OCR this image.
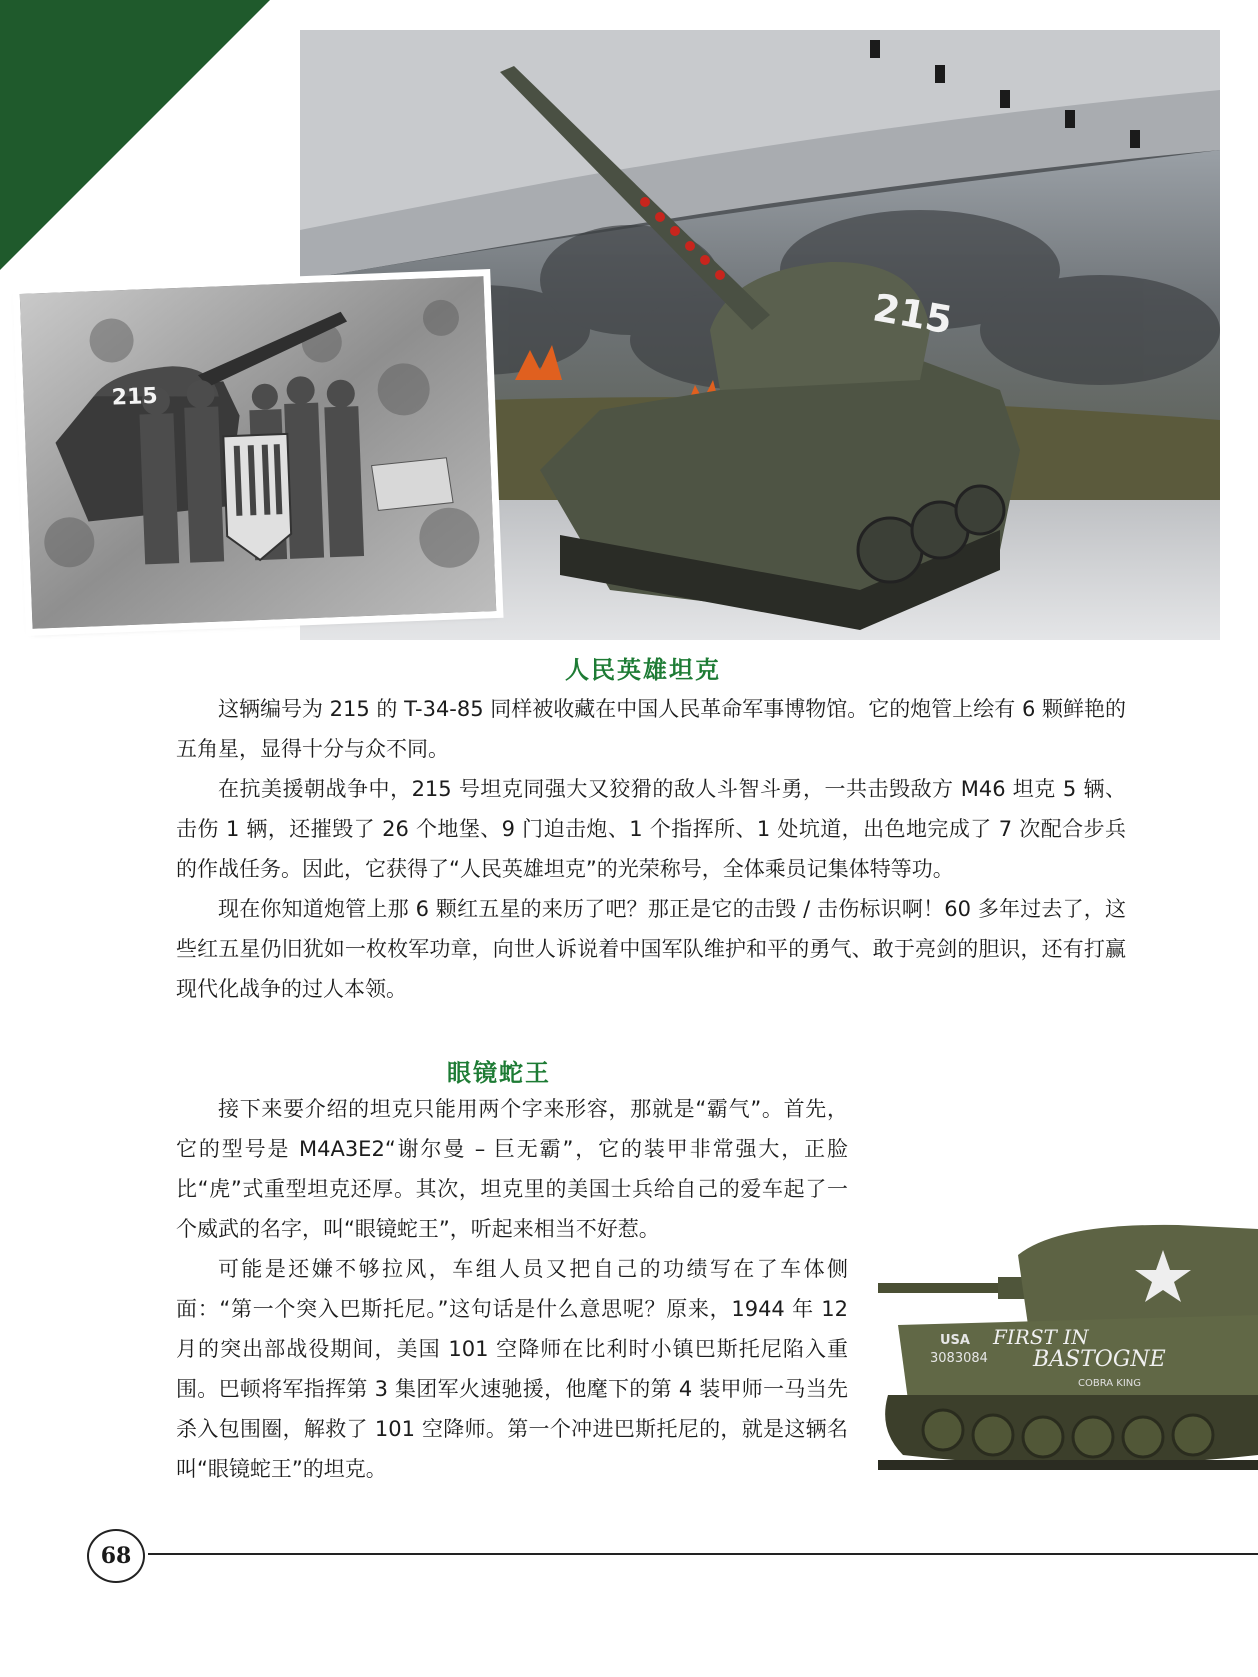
215
215
人民英雄坦克

这辆编号为 215 的 T-34-85 同样被收藏在中国人民革命军事博物馆。它的炮管上绘有 6 颗鲜艳的五角星，显得十分与众不同。

在抗美援朝战争中，215 号坦克同强大又狡猾的敌人斗智斗勇，一共击毁敌方 M46 坦克 5 辆、击伤 1 辆，还摧毁了 26 个地堡、9 门迫击炮、1 个指挥所、1 处坑道，出色地完成了 7 次配合步兵的作战任务。因此，它获得了“人民英雄坦克”的光荣称号，全体乘员记集体特等功。

现在你知道炮管上那 6 颗红五星的来历了吧？那正是它的击毁 / 击伤标识啊！60 多年过去了，这些红五星仍旧犹如一枚枚军功章，向世人诉说着中国军队维护和平的勇气、敢于亮剑的胆识，还有打赢现代化战争的过人本领。

眼镜蛇王

接下来要介绍的坦克只能用两个字来形容，那就是“霸气”。首先，它的型号是 M4A3E2“谢尔曼 – 巨无霸”，它的装甲非常强大，正脸比“虎”式重型坦克还厚。其次，坦克里的美国士兵给自己的爱车起了一个威武的名字，叫“眼镜蛇王”，听起来相当不好惹。

可能是还嫌不够拉风，车组人员又把自己的功绩写在了车体侧面：“第一个突入巴斯托尼。”这句话是什么意思呢？原来，1944 年 12 月的突出部战役期间，美国 101 空降师在比利时小镇巴斯托尼陷入重围。巴顿将军指挥第 3 集团军火速驰援，他麾下的第 4 装甲师一马当先杀入包围圈，解救了 101 空降师。第一个冲进巴斯托尼的，就是这辆名叫“眼镜蛇王”的坦克。

USA
3083084
FIRST IN
BASTOGNE
COBRA KING
68
